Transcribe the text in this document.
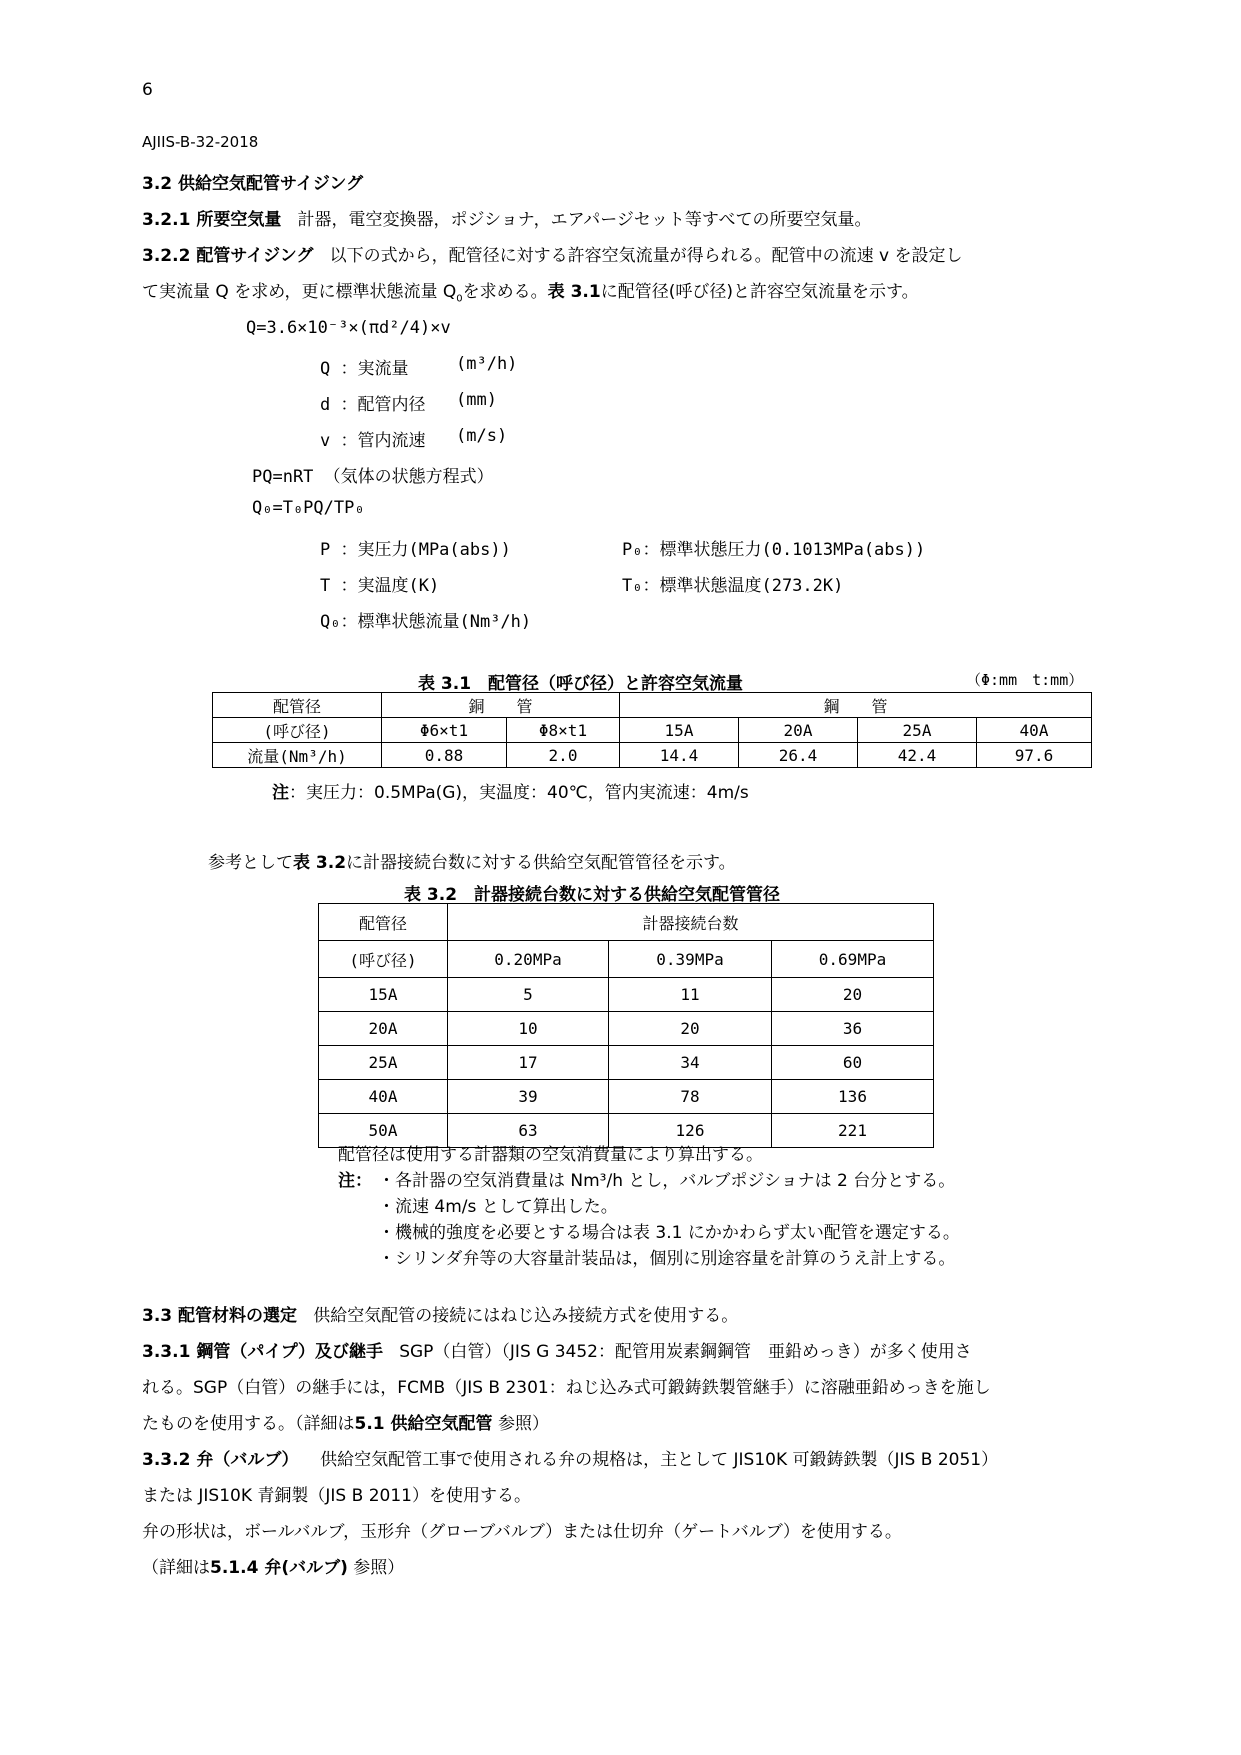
6
AJIIS-B-32-2018
3.2 供給空気配管サイジング
3.2.1 所要空気量 計器，電空変換器，ポジショナ，エアパージセット等すべての所要空気量。
3.2.2 配管サイジング 以下の式から，配管径に対する許容空気流量が得られる。配管中の流速 v を設定し
て実流量 Q を求め，更に標準状態流量 $Q_0$を求める。表 3.1に配管径(呼び径)と許容空気流量を示す。
Q=3.6×10⁻³×(πd²/4)×v
Q ：実流量	(m³/h)
d ：配管内径 (mm)
v ：管内流速 (m/s)
PQ=nRT （気体の状態方程式）
Q₀=T₀PQ/TP₀
P ：実圧力(MPa(abs))	P₀：標準状態圧力(0.1013MPa(abs))
T ：実温度(K)	T₀：標準状態温度(273.2K)
Q₀：標準状態流量(Nm³/h)
表 3.1　配管径（呼び径）と許容空気流量	（Φ:mm　t:mm）
配管径	銅　　管		鋼　　管			
(呼び径)	Φ6×t1	Φ8×t1	15A	20A	25A	40A
流量(Nm³/h)	0.88	2.0	14.4	26.4	42.4	97.6
注：実圧力：0.5MPa(G)，実温度：40℃，管内実流速：4m/s
参考として表 3.2に計器接続台数に対する供給空気配管管径を示す。
表 3.2　計器接続台数に対する供給空気配管管径
配管径	計器接続台数		
(呼び径)	0.20MPa	0.39MPa	0.69MPa
15A	5	11	20
20A	10	20	36
25A	17	34	60
40A	39	78	136
50A	63	126	221
配管径は使用する計器類の空気消費量により算出する。
注： ・各計器の空気消費量は Nm³/h とし，バルブポジショナは 2 台分とする。
・流速 4m/s として算出した。
・機械的強度を必要とする場合は表 3.1 にかかわらず太い配管を選定する。
・シリンダ弁等の大容量計装品は，個別に別途容量を計算のうえ計上する。
3.3 配管材料の選定 供給空気配管の接続にはねじ込み接続方式を使用する。
3.3.1 鋼管（パイプ）及び継手 SGP（白管）（JIS G 3452：配管用炭素鋼鋼管　亜鉛めっき）が多く使用さ
れる。SGP（白管）の継手には，FCMB（JIS B 2301：ねじ込み式可鍛鋳鉄製管継手）に溶融亜鉛めっきを施し
たものを使用する。（詳細は5.1 供給空気配管 参照）
3.3.2 弁（バルブ） 供給空気配管工事で使用される弁の規格は，主として JIS10K 可鍛鋳鉄製（JIS B 2051）
または JIS10K 青銅製（JIS B 2011）を使用する。
弁の形状は，ボールバルブ，玉形弁（グローブバルブ）または仕切弁（ゲートバルブ）を使用する。
（詳細は5.1.4 弁(バルブ) 参照）
